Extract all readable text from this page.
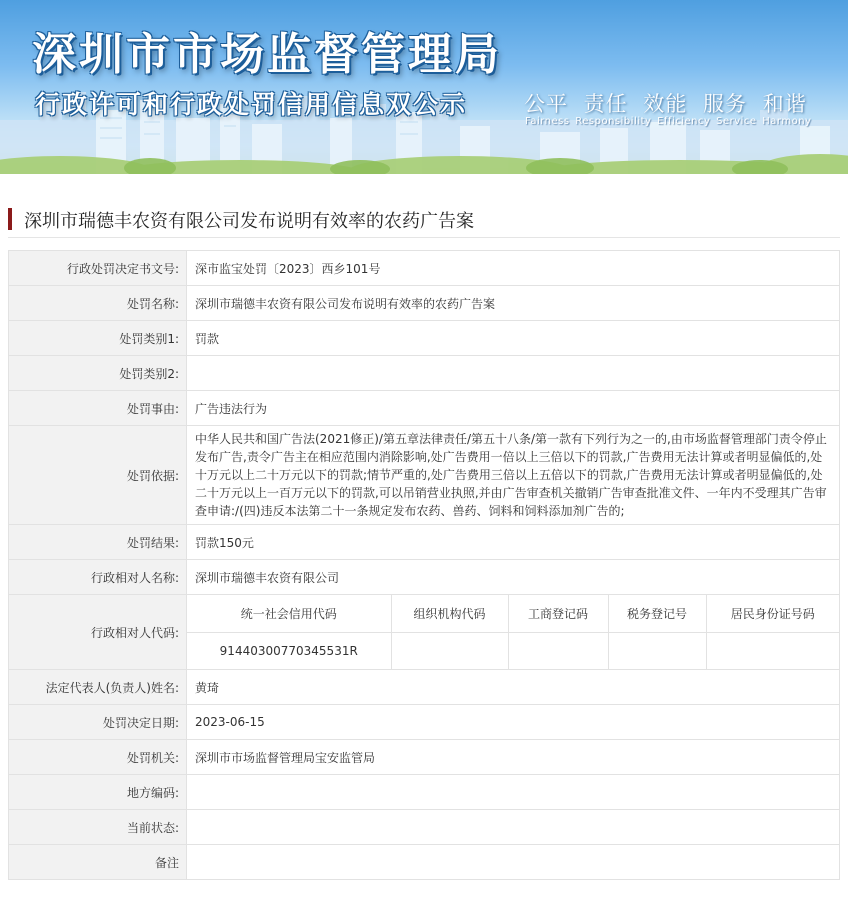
深圳市市场监督管理局
行政许可和行政处罚信用信息双公示	公平 责任 效能 服务 和谐
Fairness Responsibility Efficiency Service Harmony
深圳市瑞德丰农资有限公司发布说明有效率的农药广告案
行政处罚决定书文号:	深市监宝处罚〔2023〕西乡101号
处罚名称:	深圳市瑞德丰农资有限公司发布说明有效率的农药广告案
处罚类别1:	罚款
处罚类别2:	
处罚事由:	广告违法行为
处罚依据:	中华人民共和国广告法(2021修正)/第五章法律责任/第五十八条/第一款有下列行为之一的,由市场监督管理部门责令停止发布广告,责令广告主在相应范围内消除影响,处广告费用一倍以上三倍以下的罚款,广告费用无法计算或者明显偏低的,处十万元以上二十万元以下的罚款;情节严重的,处广告费用三倍以上五倍以下的罚款,广告费用无法计算或者明显偏低的,处二十万元以上一百万元以下的罚款,可以吊销营业执照,并由广告审查机关撤销广告审查批准文件、一年内不受理其广告审查申请:/(四)违反本法第二十一条规定发布农药、兽药、饲料和饲料添加剂广告的;
处罚结果:	罚款150元
行政相对人名称:	深圳市瑞德丰农资有限公司
行政相对人代码:	
统一社会信用代码	组织机构代码	工商登记码	税务登记号	居民身份证号码
91440300770345531R				

法定代表人(负责人)姓名:	黄琦
处罚决定日期:	2023-06-15
处罚机关:	深圳市市场监督管理局宝安监管局
地方编码:	
当前状态:	
备注	
